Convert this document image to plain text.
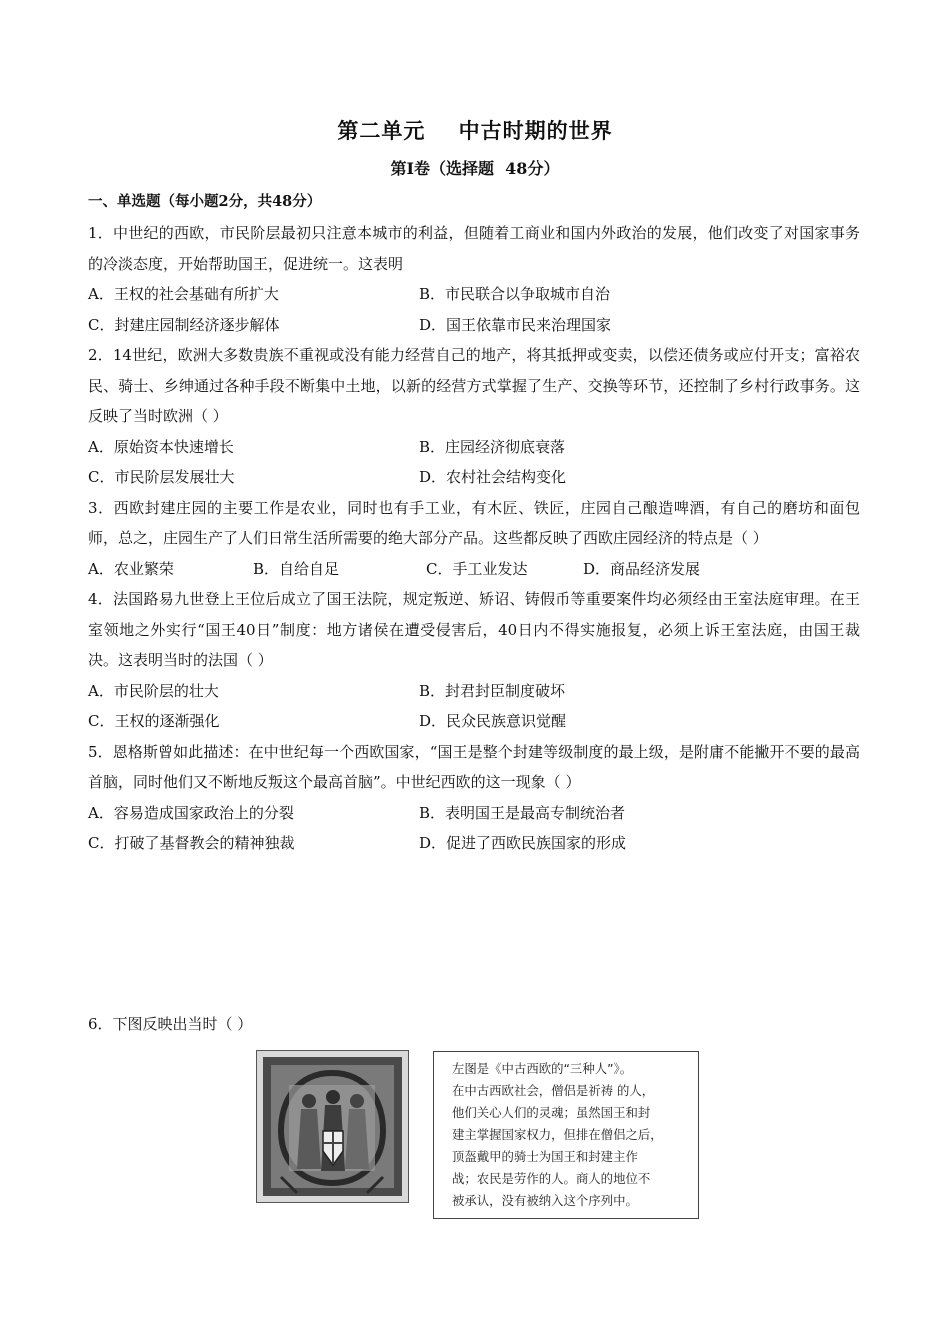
第二单元    中古时期的世界
第Ⅰ卷（选择题  48分）
一、单选题（每小题2分，共48分）

1．中世纪的西欧，市民阶层最初只注意本城市的利益，但随着工商业和国内外政治的发展，他们改变了对国家事务的冷淡态度，开始帮助国王，促进统一。这表明

A．王权的社会基础有所扩大	B．市民联合以争取城市自治
C．封建庄园制经济逐步解体	D．国王依靠市民来治理国家

2．14世纪，欧洲大多数贵族不重视或没有能力经营自己的地产，将其抵押或变卖，以偿还债务或应付开支；富裕农民、骑士、乡绅通过各种手段不断集中土地，以新的经营方式掌握了生产、交换等环节，还控制了乡村行政事务。这反映了当时欧洲（ ）

A．原始资本快速增长	B．庄园经济彻底衰落
C．市民阶层发展壮大	D．农村社会结构变化

3．西欧封建庄园的主要工作是农业，同时也有手工业，有木匠、铁匠，庄园自己酿造啤酒，有自己的磨坊和面包师，总之，庄园生产了人们日常生活所需要的绝大部分产品。这些都反映了西欧庄园经济的特点是（ ）

A．农业繁荣	B．自给自足	C．手工业发达	D．商品经济发展

4．法国路易九世登上王位后成立了国王法院，规定叛逆、矫诏、铸假币等重要案件均必须经由王室法庭审理。在王室领地之外实行“国王40日”制度：地方诸侯在遭受侵害后，40日内不得实施报复，必须上诉王室法庭，由国王裁决。这表明当时的法国（ ）

A．市民阶层的壮大	B．封君封臣制度破坏
C．王权的逐渐强化	D．民众民族意识觉醒

5．恩格斯曾如此描述：在中世纪每一个西欧国家，“国王是整个封建等级制度的最上级，是附庸不能撇开不要的最高首脑，同时他们又不断地反叛这个最高首脑”。中世纪西欧的这一现象（ ）

A．容易造成国家政治上的分裂	B．表明国王是最高专制统治者
C．打破了基督教会的精神独裁	D．促进了西欧民族国家的形成
6．下图反映出当时（ ）
左图是《中古西欧的“三种人”》。
在中古西欧社会，僧侣是祈祷 的人，
他们关心人们的灵魂；虽然国王和封
建主掌握国家权力，但排在僧侣之后，
顶盔戴甲的骑士为国王和封建主作
战；农民是劳作的人。商人的地位不
被承认，没有被纳入这个序列中。
